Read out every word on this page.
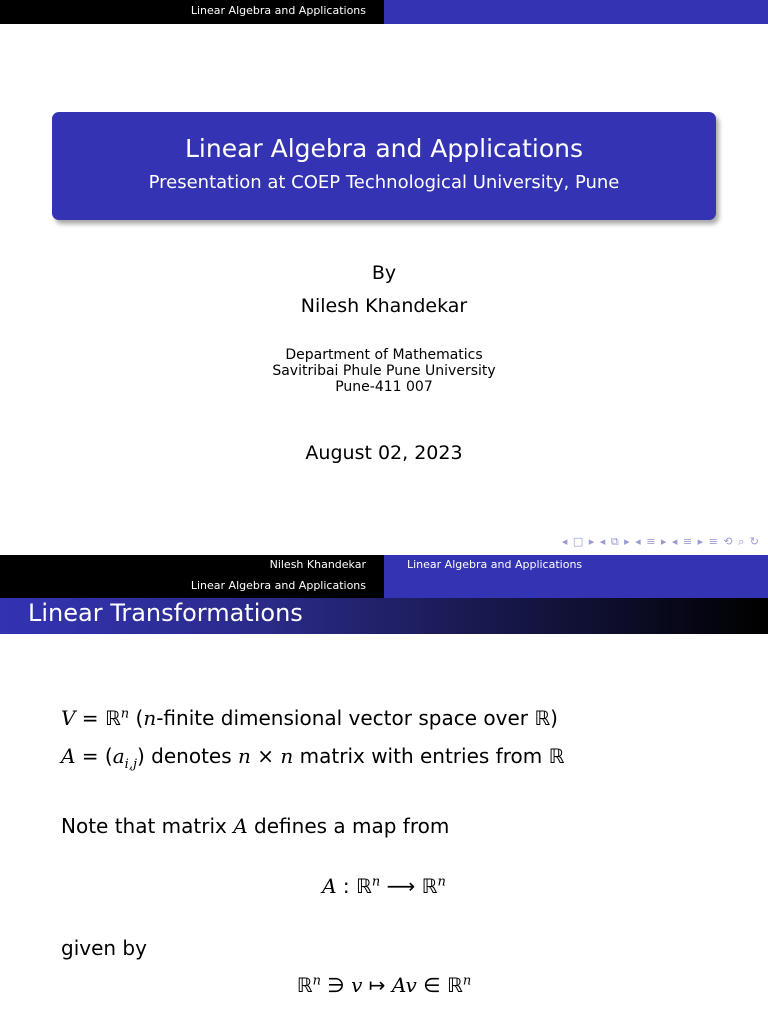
Linear Algebra and Applications
Linear Algebra and Applications
Presentation at COEP Technological University, Pune
By
Nilesh Khandekar
Department of Mathematics
Savitribai Phule Pune University
Pune-411 007
August 02, 2023
◂ □ ▸ ◂ ⧉ ▸ ◂ ≡ ▸ ◂ ≡ ▸ ≡ ⟲ ⌕ ↻
Nilesh Khandekar	Linear Algebra and Applications
Linear Algebra and Applications
Linear Transformations
V = ℝ$^n$ (n-finite dimensional vector space over ℝ)
$A = (a_{i,j})$ denotes n × n matrix with entries from ℝ
Note that matrix A defines a map from
A : ℝ$^n$ ⟶ ℝ$^n$
given by
ℝ$^n$ ∋ v ↦ Av ∈ ℝ$^n$
